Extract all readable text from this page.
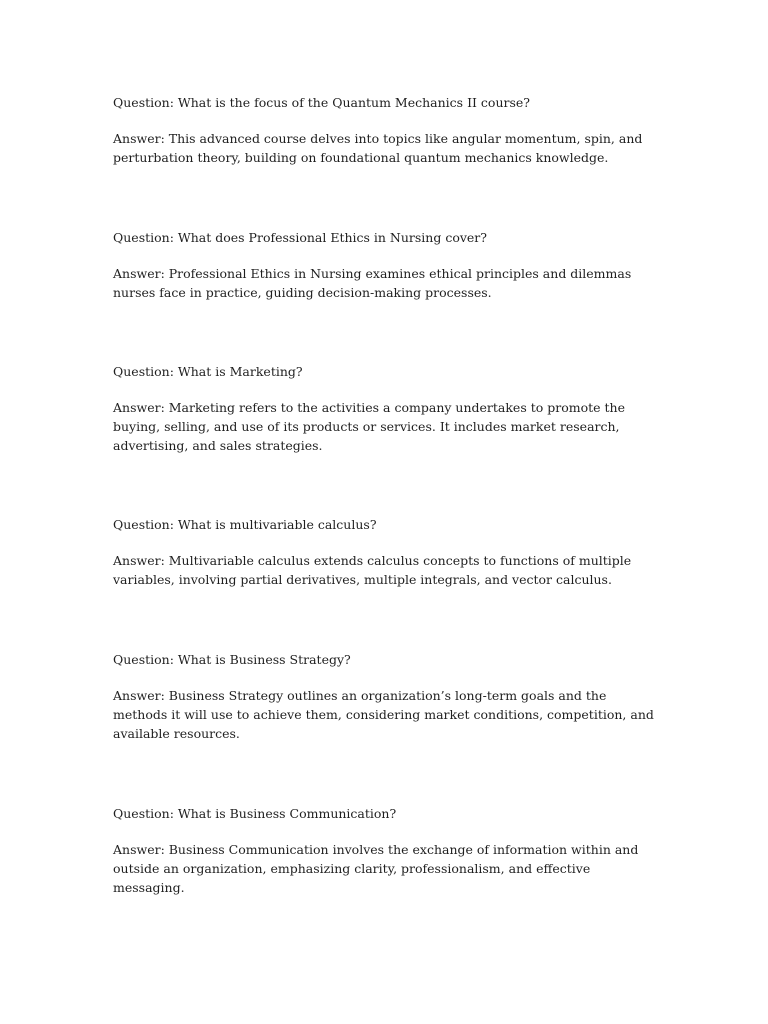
Question: What is the focus of the Quantum Mechanics II course?

Answer: This advanced course delves into topics like angular momentum, spin, and perturbation theory, building on foundational quantum mechanics knowledge.

Question: What does Professional Ethics in Nursing cover?

Answer: Professional Ethics in Nursing examines ethical principles and dilemmas nurses face in practice, guiding decision-making processes.

Question: What is Marketing?

Answer: Marketing refers to the activities a company undertakes to promote the buying, selling, and use of its products or services. It includes market research, advertising, and sales strategies.

Question: What is multivariable calculus?

Answer: Multivariable calculus extends calculus concepts to functions of multiple variables, involving partial derivatives, multiple integrals, and vector calculus.

Question: What is Business Strategy?

Answer: Business Strategy outlines an organization’s long-term goals and the methods it will use to achieve them, considering market conditions, competition, and available resources.

Question: What is Business Communication?

Answer: Business Communication involves the exchange of information within and outside an organization, emphasizing clarity, professionalism, and effective messaging.
